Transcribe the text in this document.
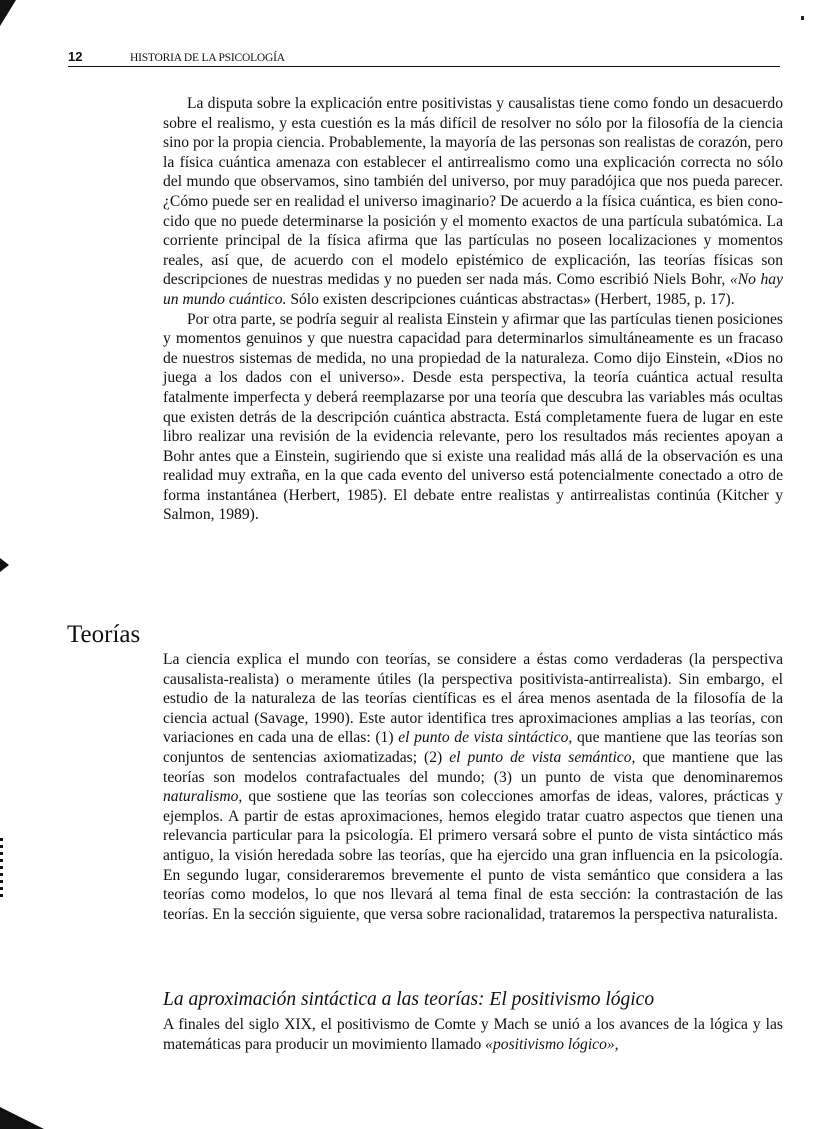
12	HISTORIA DE LA PSICOLOGÍA

La disputa sobre la explicación entre positivistas y causalistas tiene como fondo un desacuerdo sobre el realismo, y esta cuestión es la más difícil de resolver no sólo por la filosofía de la ciencia sino por la propia ciencia. Probablemente, la mayoría de las personas son realistas de corazón, pero la física cuántica amenaza con establecer el antirrealismo como una explicación correcta no sólo del mundo que observamos, sino también del universo, por muy paradójica que nos pueda parecer. ¿Cómo puede ser en realidad el universo imaginario? De acuerdo a la física cuántica, es bien conocido que no puede determinarse la posición y el momento exactos de una partícula subatómica. La corriente principal de la física afirma que las partículas no poseen localizaciones y momentos reales, así que, de acuerdo con el modelo epistémico de explicación, las teorías físicas son descripciones de nuestras medidas y no pueden ser nada más. Como escribió Niels Bohr, «No hay un mundo cuántico. Sólo existen descripciones cuánticas abstractas» (Herbert, 1985, p. 17).

Por otra parte, se podría seguir al realista Einstein y afirmar que las partículas tienen posiciones y momentos genuinos y que nuestra capacidad para determinarlos simultáneamente es un fracaso de nuestros sistemas de medida, no una propiedad de la naturaleza. Como dijo Einstein, «Dios no juega a los dados con el universo». Desde esta perspectiva, la teoría cuántica actual resulta fatalmente imperfecta y deberá reemplazarse por una teoría que descubra las variables más ocultas que existen detrás de la descripción cuántica abstracta. Está completamente fuera de lugar en este libro realizar una revisión de la evidencia relevante, pero los resultados más recientes apoyan a Bohr antes que a Einstein, sugiriendo que si existe una realidad más allá de la observación es una realidad muy extraña, en la que cada evento del universo está potencialmente conectado a otro de forma instantánea (Herbert, 1985). El debate entre realistas y antirrealistas continúa (Kitcher y Salmon, 1989).

Teorías

La ciencia explica el mundo con teorías, se considere a éstas como verdaderas (la perspectiva causalista-realista) o meramente útiles (la perspectiva positivista-antirrealista). Sin embargo, el estudio de la naturaleza de las teorías científicas es el área menos asentada de la filosofía de la ciencia actual (Savage, 1990). Este autor identifica tres aproximaciones amplias a las teorías, con variaciones en cada una de ellas: (1) el punto de vista sintáctico, que mantiene que las teorías son conjuntos de sentencias axiomatizadas; (2) el punto de vista semántico, que mantiene que las teorías son modelos contrafactuales del mundo; (3) un punto de vista que denominaremos naturalismo, que sostiene que las teorías son colecciones amorfas de ideas, valores, prácticas y ejemplos. A partir de estas aproximaciones, hemos elegido tratar cuatro aspectos que tienen una relevancia particular para la psicología. El primero versará sobre el punto de vista sintáctico más antiguo, la visión heredada sobre las teorías, que ha ejercido una gran influencia en la psicología. En segundo lugar, consideraremos brevemente el punto de vista semántico que considera a las teorías como modelos, lo que nos llevará al tema final de esta sección: la contrastación de las teorías. En la sección siguiente, que versa sobre racionalidad, trataremos la perspectiva naturalista.

La aproximación sintáctica a las teorías: El positivismo lógico

A finales del siglo XIX, el positivismo de Comte y Mach se unió a los avances de la lógica y las matemáticas para producir un movimiento llamado «positivismo lógico»,
